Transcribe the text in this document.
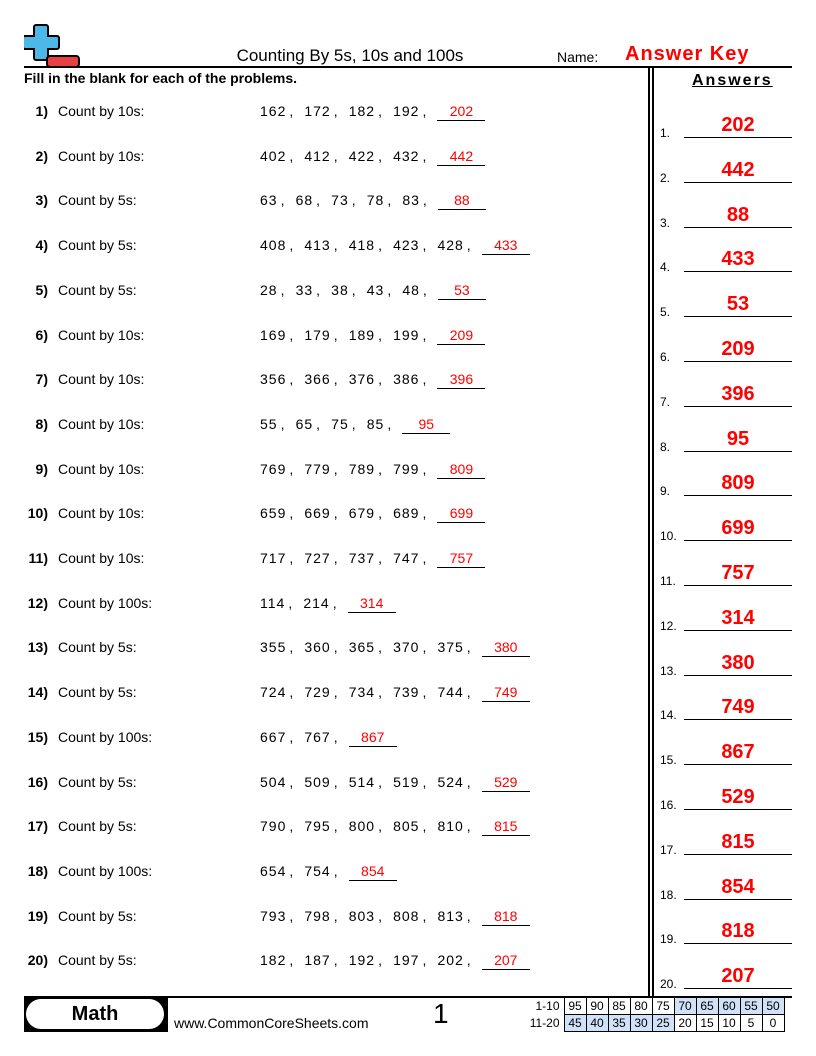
Counting By 5s, 10s and 100s	Name: Answer Key
Fill in the blank for each of the problems.	Answers
1) Count by 10s:	162 , 172 , 182 , 192 , 202
2) Count by 10s:	402 , 412 , 422 , 432 , 442
3) Count by 5s:	63 , 68 , 73 , 78 , 83 , 88
4) Count by 5s:	408 , 413 , 418 , 423 , 428 , 433
5) Count by 5s:	28 , 33 , 38 , 43 , 48 , 53
6) Count by 10s:	169 , 179 , 189 , 199 , 209
7) Count by 10s:	356 , 366 , 376 , 386 , 396
8) Count by 10s:	55 , 65 , 75 , 85 , 95
9) Count by 10s:	769 , 779 , 789 , 799 , 809
10) Count by 10s:	659 , 669 , 679 , 689 , 699
11) Count by 10s:	717 , 727 , 737 , 747 , 757
12) Count by 100s:	114 , 214 , 314
13) Count by 5s:	355 , 360 , 365 , 370 , 375 , 380
14) Count by 5s:	724 , 729 , 734 , 739 , 744 , 749
15) Count by 100s:	667 , 767 , 867
16) Count by 5s:	504 , 509 , 514 , 519 , 524 , 529
17) Count by 5s:	790 , 795 , 800 , 805 , 810 , 815
18) Count by 100s:	654 , 754 , 854
19) Count by 5s:	793 , 798 , 803 , 808 , 813 , 818
20) Count by 5s:	182 , 187 , 192 , 197 , 202 , 207
1.	202
2.	442
3.	88
4.	433
5.	53
6.	209
7.	396
8.	95
9.	809
10.	699
11.	757
12.	314
13.	380
14.	749
15.	867
16.	529
17.	815
18.	854
19.	818
20.	207
Math	www.CommonCoreSheets.com 1	1-10	95	90	85	80	75	70	65	60	55	50
11-20	45	40	35	30	25	20	15	10	5	0
